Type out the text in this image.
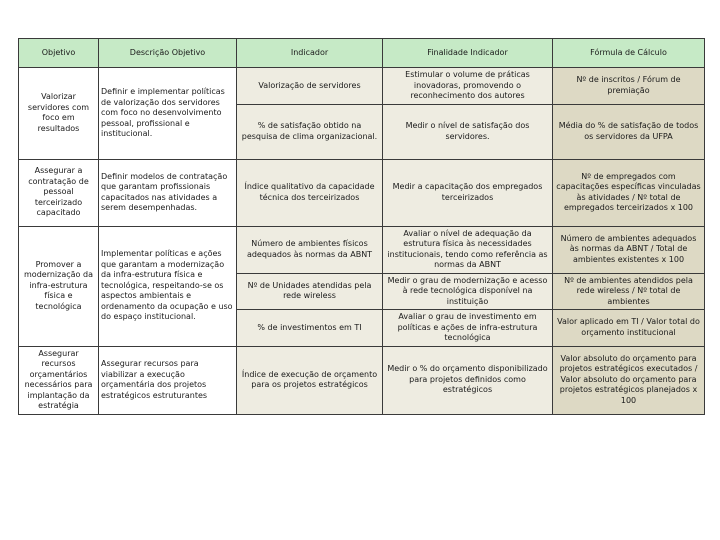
Objetivo	Descrição Objetivo	Indicador	Finalidade Indicador	Fórmula de Cálculo
Valorizar servidores com foco em resultados	Definir e implementar políticas de valorização dos servidores com foco no desenvolvimento pessoal, profissional e institucional.	Valorização de servidores	Estimular o volume de práticas inovadoras, promovendo o reconhecimento dos autores	Nº de inscritos / Fórum de premiação
		% de satisfação obtido na pesquisa de clima organizacional.	Medir o nível de satisfação dos servidores.	Média do % de satisfação de todos os servidores da UFPA
Assegurar a contratação de pessoal terceirizado capacitado	Definir modelos de contratação que garantam profissionais capacitados nas atividades a serem desempenhadas.	Índice qualitativo da capacidade técnica dos terceirizados	Medir a capacitação dos empregados terceirizados	Nº de empregados com capacitações específicas vinculadas às atividades / Nº total de empregados terceirizados x 100
Promover a modernização da infra-estrutura física e tecnológica	Implementar políticas e ações que garantam a modernização da infra-estrutura física e tecnológica, respeitando-se os aspectos ambientais e ordenamento da ocupação e uso do espaço institucional.	Número de ambientes físicos adequados às normas da ABNT	Avaliar o nível de adequação da estrutura física às necessidades institucionais, tendo como referência as normas da ABNT	Número de ambientes adequados às normas da ABNT / Total de ambientes existentes x 100
		Nº de Unidades atendidas pela rede wireless	Medir o grau de modernização e acesso à rede tecnológica disponível na instituição	Nº de ambientes atendidos pela rede wireless / Nº total de ambientes
		% de investimentos em TI	Avaliar o grau de investimento em políticas e ações de infra-estrutura tecnológica	Valor aplicado em TI / Valor total do orçamento institucional
Assegurar recursos orçamentários necessários para implantação da estratégia	Assegurar recursos para viabilizar a execução orçamentária dos projetos estratégicos estruturantes	Índice de execução de orçamento para os projetos estratégicos	Medir o % do orçamento disponibilizado para projetos definidos como estratégicos	Valor absoluto do orçamento para projetos estratégicos executados / Valor absoluto do orçamento para projetos estratégicos planejados x 100
